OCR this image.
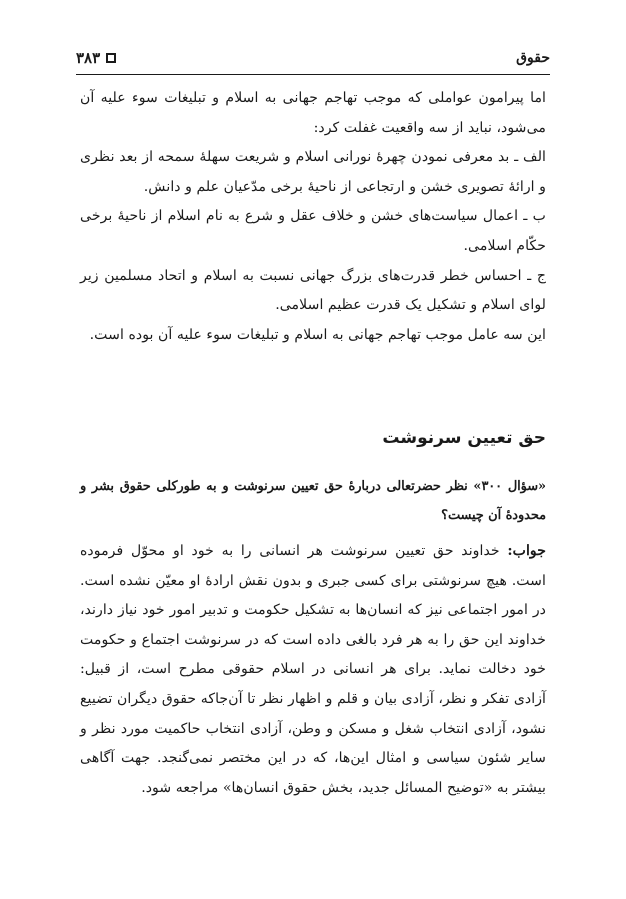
حقوق
۳۸۳

اما پیرامون عواملی که موجب تهاجم جهانی به اسلام و تبلیغات سوء علیه آن می‌شود، نباید از سه واقعیت غفلت کرد:

الف ـ بد معرفی نمودن چهرهٔ نورانی اسلام و شریعت سهلهٔ سمحه از بعد نظری و ارائهٔ تصویری خشن و ارتجاعی از ناحیهٔ برخی مدّعیان علم و دانش.

ب ـ اعمال سیاست‌های خشن و خلاف عقل و شرع به نام اسلام از ناحیهٔ برخی حکّام اسلامی.

ج ـ احساس خطر قدرت‌های بزرگ جهانی نسبت به اسلام و اتحاد مسلمین زیر لوای اسلام و تشکیل یک قدرت عظیم اسلامی.

این سه عامل موجب تهاجم جهانی به اسلام و تبلیغات سوء علیه آن بوده است.

حق تعیین سرنوشت
«سؤال ۳۰۰» نظر حضرتعالی دربارهٔ حق تعیین سرنوشت و به طورکلی حقوق بشر و محدودهٔ آن چیست؟

جواب: خداوند حق تعیین سرنوشت هر انسانی را به خود او محوّل فرموده است. هیچ سرنوشتی برای کسی جبری و بدون نقش ارادهٔ او معیّن نشده است. در امور اجتماعی نیز که انسان‌ها به تشکیل حکومت و تدبیر امور خود نیاز دارند، خداوند این حق را به هر فرد بالغی داده است که در سرنوشت اجتماع و حکومت خود دخالت نماید. برای هر انسانی در اسلام حقوقی مطرح است، از قبیل: آزادی تفکر و نظر، آزادی بیان و قلم و اظهار نظر تا آن‌جاکه حقوق دیگران تضییع نشود، آزادی انتخاب شغل و مسکن و وطن، آزادی انتخاب حاکمیت مورد نظر و سایر شئون سیاسی و امثال این‌ها، که در این مختصر نمی‌گنجد. جهت آگاهی بیشتر به «توضیح المسائل جدید، بخش حقوق انسان‌ها» مراجعه شود.
